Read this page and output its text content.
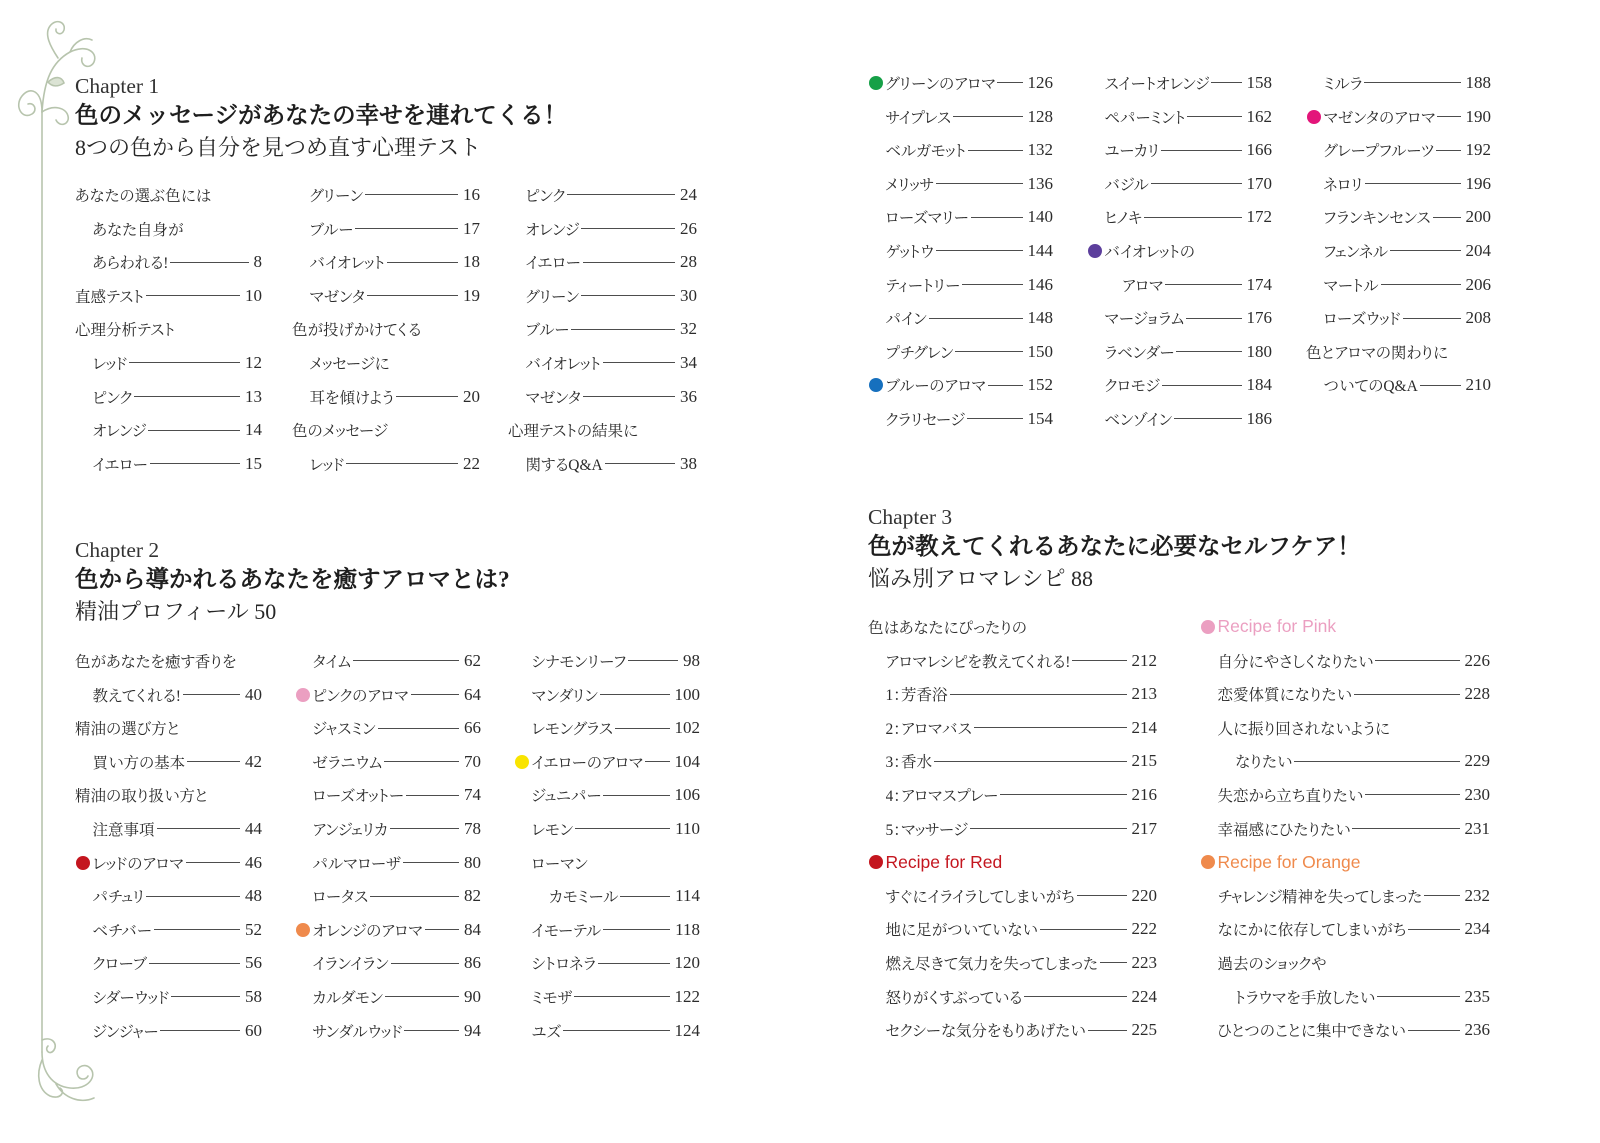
Chapter 1
色のメッセージがあなたの幸せを連れてくる！
8つの色から自分を見つめ直す心理テスト
Chapter 2
色から導かれるあなたを癒すアロマとは?
精油プロフィール 50
Chapter 3
色が教えてくれるあなたに必要なセルフケア！
悩み別アロマレシピ 88
あなたの選ぶ色には
あなた自身が
あらわれる!	8
直感テスト	10
心理分析テスト
レッド	12
ピンク	13
オレンジ	14
イエロー	15
グリーン	16
ブルー	17
バイオレット	18
マゼンタ	19
色が投げかけてくる
メッセージに
耳を傾けよう	20
色のメッセージ
レッド	22
ピンク	24
オレンジ	26
イエロー	28
グリーン	30
ブルー	32
バイオレット	34
マゼンタ	36
心理テストの結果に
関するQ&A	38
色があなたを癒す香りを
教えてくれる!	40
精油の選び方と
買い方の基本	42
精油の取り扱い方と
注意事項	44
レッドのアロマ	46
パチュリ	48
ベチバー	52
クローブ	56
シダーウッド	58
ジンジャー	60
タイム	62
ピンクのアロマ	64
ジャスミン	66
ゼラニウム	70
ローズオットー	74
アンジェリカ	78
パルマローザ	80
ロータス	82
オレンジのアロマ 84
イランイラン	86
カルダモン	90
サンダルウッド	94
シナモンリーフ	98
マンダリン	100
レモングラス	102
イエローのアロマ 104
ジュニパー	106
レモン	110
ローマン
カモミール	114
イモーテル	118
シトロネラ	120
ミモザ	122
ユズ	124
グリーンのアロマ 126
サイプレス	128
ベルガモット	132
メリッサ	136
ローズマリー	140
ゲットウ	144
ティートリー	146
パイン	148
プチグレン	150
ブルーのアロマ 152
クラリセージ	154
スイートオレンジ 158
ペパーミント	162
ユーカリ	166
バジル	170
ヒノキ	172
バイオレットの
アロマ	174
マージョラム	176
ラベンダー	180
クロモジ	184
ベンゾイン	186
ミルラ	188
マゼンタのアロマ 190
グレープフルーツ 192
ネロリ	196
フランキンセンス 200
フェンネル	204
マートル	206
ローズウッド	208
色とアロマの関わりに
ついてのQ&A	210
色はあなたにぴったりの
アロマレシピを教えてくれる!	212
1：芳香浴	213
2：アロマバス	214
3：香水	215
4：アロマスプレー	216
5：マッサージ	217
Recipe for Red
すぐにイライラしてしまいがち	220
地に足がついていない	222
燃え尽きて気力を失ってしまった 223
怒りがくすぶっている	224
セクシーな気分をもりあげたい	225
Recipe for Pink
自分にやさしくなりたい	226
恋愛体質になりたい	228
人に振り回されないように
なりたい	229
失恋から立ち直りたい	230
幸福感にひたりたい	231
Recipe for Orange
チャレンジ精神を失ってしまった 232
なにかに依存してしまいがち	234
過去のショックや
トラウマを手放したい	235
ひとつのことに集中できない	236
